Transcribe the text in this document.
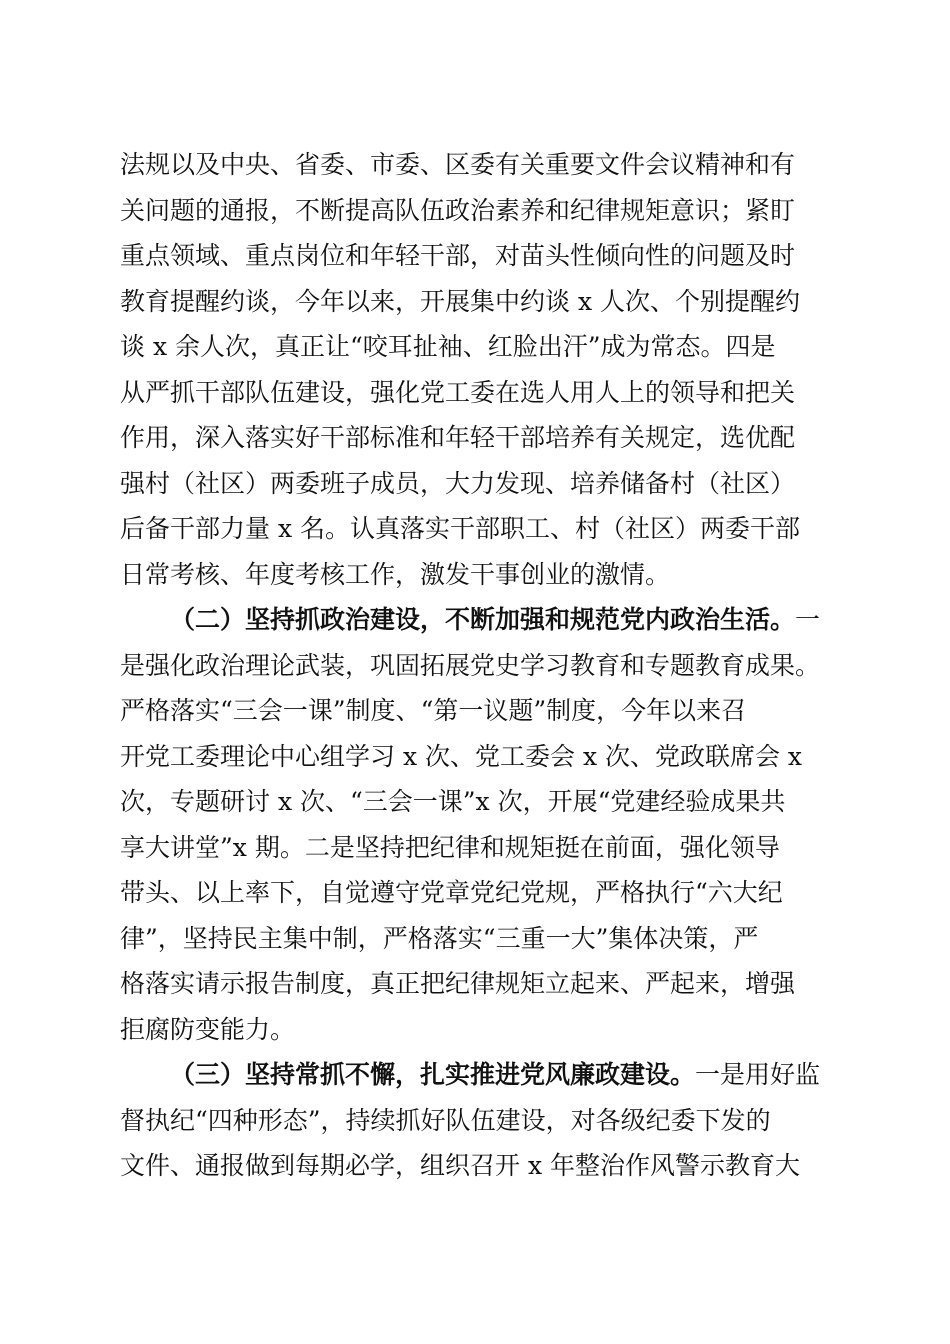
法规以及中央、省委、市委、区委有关重要文件会议精神和有
关问题的通报，不断提高队伍政治素养和纪律规矩意识；紧盯
重点领域、重点岗位和年轻干部，对苗头性倾向性的问题及时
教育提醒约谈，今年以来，开展集中约谈 x 人次、个别提醒约
谈 x 余人次，真正让“咬耳扯袖、红脸出汗”成为常态。四是
从严抓干部队伍建设，强化党工委在选人用人上的领导和把关
作用，深入落实好干部标准和年轻干部培养有关规定，选优配
强村（社区）两委班子成员，大力发现、培养储备村（社区）
后备干部力量 x 名。认真落实干部职工、村（社区）两委干部
日常考核、年度考核工作，激发干事创业的激情。
（二）坚持抓政治建设，不断加强和规范党内政治生活。一
是强化政治理论武装，巩固拓展党史学习教育和专题教育成果。
严格落实“三会一课”制度、“第一议题”制度，今年以来召
开党工委理论中心组学习 x 次、党工委会 x 次、党政联席会 x
次，专题研讨 x 次、“三会一课”x 次，开展“党建经验成果共
享大讲堂”x 期。二是坚持把纪律和规矩挺在前面，强化领导
带头、以上率下，自觉遵守党章党纪党规，严格执行“六大纪
律”，坚持民主集中制，严格落实“三重一大”集体决策，严
格落实请示报告制度，真正把纪律规矩立起来、严起来，增强
拒腐防变能力。
（三）坚持常抓不懈，扎实推进党风廉政建设。一是用好监
督执纪“四种形态”，持续抓好队伍建设，对各级纪委下发的
文件、通报做到每期必学，组织召开 x 年整治作风警示教育大
